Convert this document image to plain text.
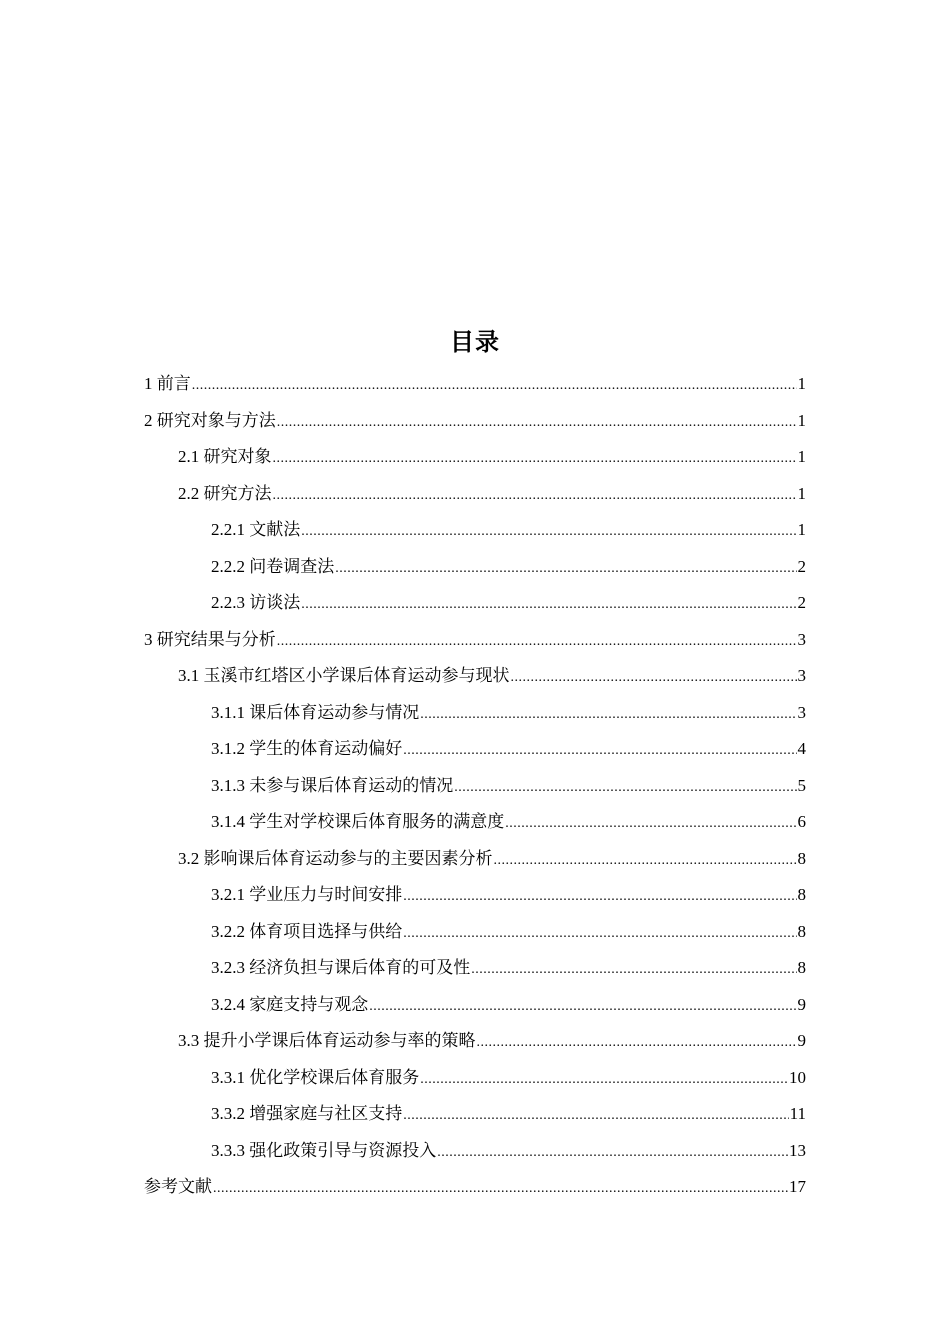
目录
1 前言 .....	1
2 研究对象与方法 .....	1
2.1 研究对象 .....	1
2.2 研究方法 .....	1
2.2.1 文献法 .....	1
2.2.2 问卷调查法 .....	2
2.2.3 访谈法 .....	2
3 研究结果与分析 .....	3
3.1 玉溪市红塔区小学课后体育运动参与现状 .....	3
3.1.1 课后体育运动参与情况 .....	3
3.1.2 学生的体育运动偏好 .....	4
3.1.3 未参与课后体育运动的情况 .....	5
3.1.4 学生对学校课后体育服务的满意度 .....	6
3.2 影响课后体育运动参与的主要因素分析 .....	8
3.2.1 学业压力与时间安排 .....	8
3.2.2 体育项目选择与供给 .....	8
3.2.3 经济负担与课后体育的可及性 .....	8
3.2.4 家庭支持与观念 .....	9
3.3 提升小学课后体育运动参与率的策略 .....	9
3.3.1 优化学校课后体育服务 .....	10
3.3.2 增强家庭与社区支持 .....	11
3.3.3 强化政策引导与资源投入 .....	13
参考文献 .....	17
